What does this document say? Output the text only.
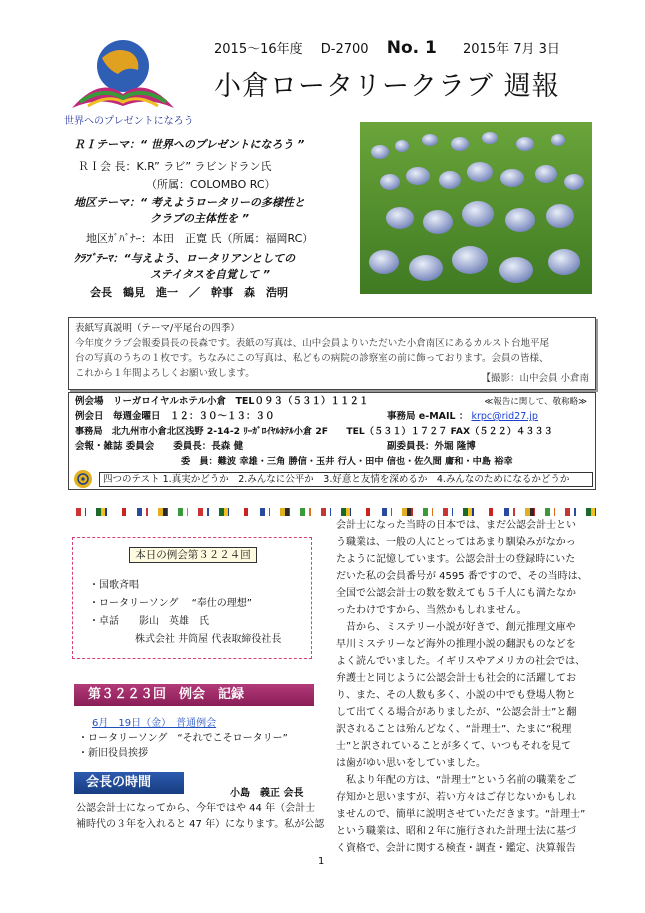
世界へのプレゼントになろう
2015～16年度 D-2700 No. 1 2015年 7月 3日
小倉ロータリークラブ 週報
ＲＩテーマ：“ 世界へのプレゼントになろう ”
ＲＩ会 長：K.R” ラビ” ラビンドラン氏
（所属：COLOMBO RC）
地区テーマ：“ 考えようロータリーの多様性と
クラブの主体性を ”
地区ｶﾞﾊﾞﾅｰ：本田　正寛 氏（所属：福岡RC）
ｸﾗﾌﾞﾃｰﾏ：“与えよう、ロータリアンとしての
ステイタスを自覚して ”
会長　鶴見　進一　／　幹事　森　浩明
表紙写真説明（テーマ/平尾台の四季）
今年度クラブ会報委員長の長森です。表紙の写真は、山中会員よりいただいた小倉南区にあるカルスト台地平尾
台の写真のうちの１枚です。ちなみにこの写真は、私どもの病院の診察室の前に飾っております。会員の皆様、
これから１年間よろしくお願い致します。	【撮影：山中会員 小倉南
例会場　リーガロイヤルホテル小倉　TEL０９３（５３１）１１２１	≪報告に関して、敬称略≫
例会日　毎週金曜日　１２：３０～１３：３０	事務局 e-MAIL ： krpc@rid27.jp
事務局　北九州市小倉北区浅野 2-14-2 ﾘｰｶﾞﾛｲﾔﾙﾎﾃﾙ小倉 2F　　TEL（５３１）１７２７ FAX（５２２）４３３３
会報・雑誌 委員会　　委員長：長森 健	副委員長：外堀 隆博
委　員：難波 幸雄・三角 勝信・玉井 行人・田中 信也・佐久間 庸和・中島 裕幸
四つのテスト 1.真実かどうか　2.みんなに公平か　3.好意と友情を深めるか　4.みんなのためになるかどうか
本日の例会第３２２４回
・国歌斉唱
・ロータリーソング　 “奉仕の理想”
・卓話　　影山　英雄　氏
株式会社 井筒屋 代表取締役社長
第３２２３回　例会　記録
6月　19日（金）　普通例会
・ロータリーソング　“それでこそロータリー”
・新旧役員挨拶
会長の時間
小島　義正 会長
公認会計士になってから、今年ではや 44 年（会計士
補時代の３年を入れると 47 年）になります。私が公認
会計士になった当時の日本では、まだ公認会計士とい
う職業は、一般の人にとってはあまり馴染みがなかっ
たように記憶しています。公認会計士の登録時にいた
だいた私の会員番号が 4595 番ですので、その当時は、
全国で公認会計士の数を数えても５千人にも満たなか
ったわけですから、当然かもしれません。
　昔から、ミステリー小説が好きで、創元推理文庫や
早川ミステリーなど海外の推理小説の翻訳ものなどを
よく読んでいました。イギリスやアメリカの社会では、
弁護士と同じように公認会計士も社会的に活躍してお
り、また、その人数も多く、小説の中でも登場人物と
して出てくる場合がありましたが、“公認会計士”と翻
訳されることは殆んどなく、“計理士”、たまに“税理
士”と訳されていることが多くて、いつもそれを見て
は歯がゆい思いをしていました。
　私より年配の方は、“計理士”という名前の職業をご
存知かと思いますが、若い方々はご存じないかもしれ
ませんので、簡単に説明させていただきます。“計理士”
という職業は、昭和２年に施行された計理士法に基づ
く資格で、会計に関する検査・調査・鑑定、決算報告
1
